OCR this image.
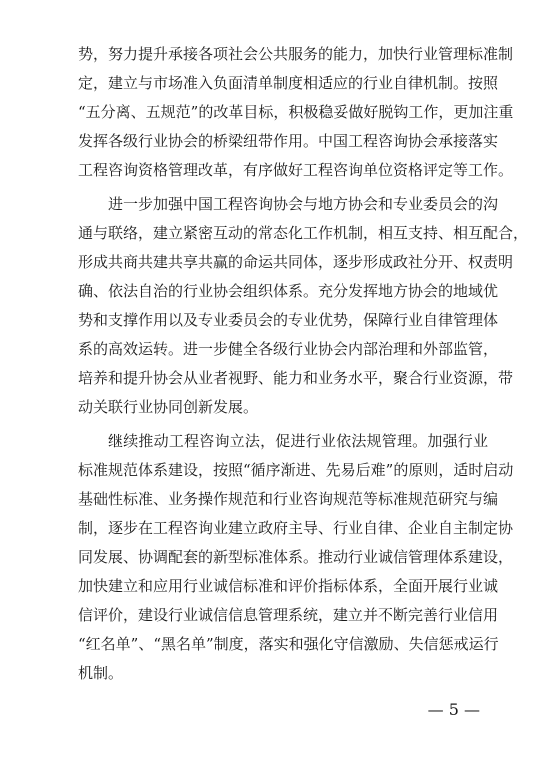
势，努力提升承接各项社会公共服务的能力，加快行业管理标准制
定，建立与市场准入负面清单制度相适应的行业自律机制。按照
“五分离、五规范”的改革目标，积极稳妥做好脱钩工作，更加注重
发挥各级行业协会的桥梁纽带作用。中国工程咨询协会承接落实
工程咨询资格管理改革，有序做好工程咨询单位资格评定等工作。

进一步加强中国工程咨询协会与地方协会和专业委员会的沟
通与联络，建立紧密互动的常态化工作机制，相互支持、相互配合，
形成共商共建共享共赢的命运共同体，逐步形成政社分开、权责明
确、依法自治的行业协会组织体系。充分发挥地方协会的地域优
势和支撑作用以及专业委员会的专业优势，保障行业自律管理体
系的高效运转。进一步健全各级行业协会内部治理和外部监管，
培养和提升协会从业者视野、能力和业务水平，聚合行业资源，带
动关联行业协同创新发展。

继续推动工程咨询立法，促进行业依法规管理。加强行业
标准规范体系建设，按照“循序渐进、先易后难”的原则，适时启动
基础性标准、业务操作规范和行业咨询规范等标准规范研究与编
制，逐步在工程咨询业建立政府主导、行业自律、企业自主制定协
同发展、协调配套的新型标准体系。推动行业诚信管理体系建设，
加快建立和应用行业诚信标准和评价指标体系，全面开展行业诚
信评价，建设行业诚信信息管理系统，建立并不断完善行业信用
“红名单”、“黑名单”制度，落实和强化守信激励、失信惩戒运行
机制。

— 5 —
